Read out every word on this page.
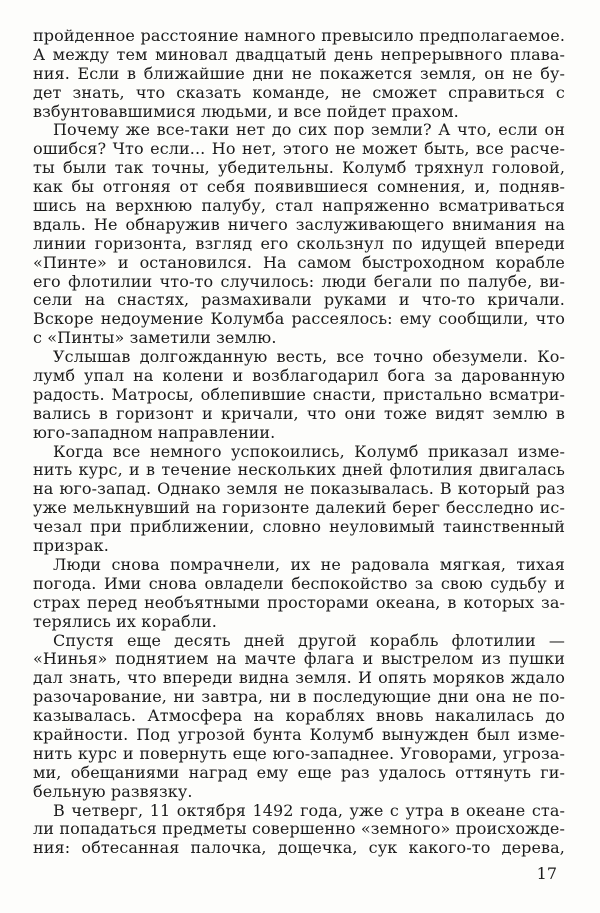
пройденное расстояние намного превысило предполагаемое.
А между тем миновал двадцатый день непрерывного плава-
ния. Если в ближайшие дни не покажется земля, он не бу-
дет знать, что сказать команде, не сможет справиться с
взбунтовавшимися людьми, и все пойдет прахом.
Почему же все-таки нет до сих пор земли? А что, если он
ошибся? Что если... Но нет, этого не может быть, все расче-
ты были так точны, убедительны. Колумб тряхнул головой,
как бы отгоняя от себя появившиеся сомнения, и, подняв-
шись на верхнюю палубу, стал напряженно всматриваться
вдаль. Не обнаружив ничего заслуживающего внимания на
линии горизонта, взгляд его скользнул по идущей впереди
«Пинте» и остановился. На самом быстроходном корабле
его флотилии что-то случилось: люди бегали по палубе, ви-
сели на снастях, размахивали руками и что-то кричали.
Вскоре недоумение Колумба рассеялось: ему сообщили, что
с «Пинты» заметили землю.
Услышав долгожданную весть, все точно обезумели. Ко-
лумб упал на колени и возблагодарил бога за дарованную
радость. Матросы, облепившие снасти, пристально всматри-
вались в горизонт и кричали, что они тоже видят землю в
юго-западном направлении.
Когда все немного успокоились, Колумб приказал изме-
нить курс, и в течение нескольких дней флотилия двигалась
на юго-запад. Однако земля не показывалась. В который раз
уже мелькнувший на горизонте далекий берег бесследно ис-
чезал при приближении, словно неуловимый таинственный
призрак.
Люди снова помрачнели, их не радовала мягкая, тихая
погода. Ими снова овладели беспокойство за свою судьбу и
страх перед необъятными просторами океана, в которых за-
терялись их корабли.
Спустя еще десять дней другой корабль флотилии —
«Нинья» поднятием на мачте флага и выстрелом из пушки
дал знать, что впереди видна земля. И опять моряков ждало
разочарование, ни завтра, ни в последующие дни она не по-
казывалась. Атмосфера на кораблях вновь накалилась до
крайности. Под угрозой бунта Колумб вынужден был изме-
нить курс и повернуть еще юго-западнее. Уговорами, угроза-
ми, обещаниями наград ему еще раз удалось оттянуть ги-
бельную развязку.
В четверг, 11 октября 1492 года, уже с утра в океане ста-
ли попадаться предметы совершенно «земного» происхожде-
ния: обтесанная палочка, дощечка, сук какого-то дерева,
17
